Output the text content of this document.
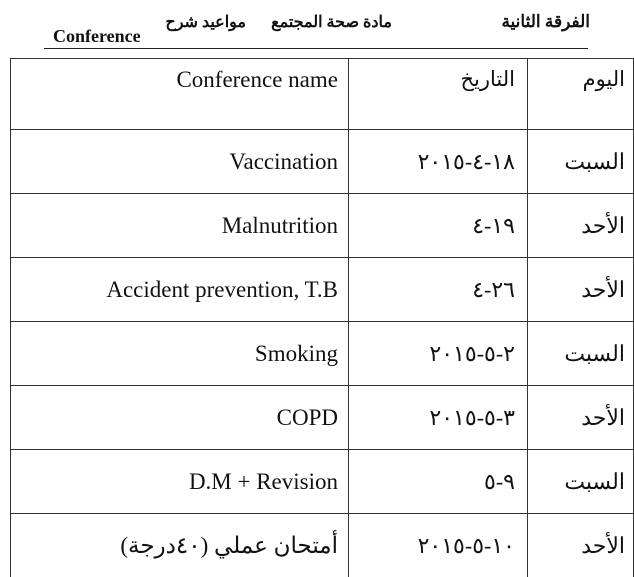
الفرقة الثانية
مادة صحة المجتمع
مواعيد شرح
Conference
Conference name	التاريخ	اليوم
Vaccination	١٨-٤-٢٠١٥	السبت
Malnutrition	١٩-٤	الأحد
Accident prevention, T.B	٢٦-٤	الأحد
Smoking	٢-٥-٢٠١٥	السبت
COPD	٣-٥-٢٠١٥	الأحد
D.M + Revision	٩-٥	السبت
أمتحان عملي (٤٠درجة)	١٠-٥-٢٠١٥	الأحد
